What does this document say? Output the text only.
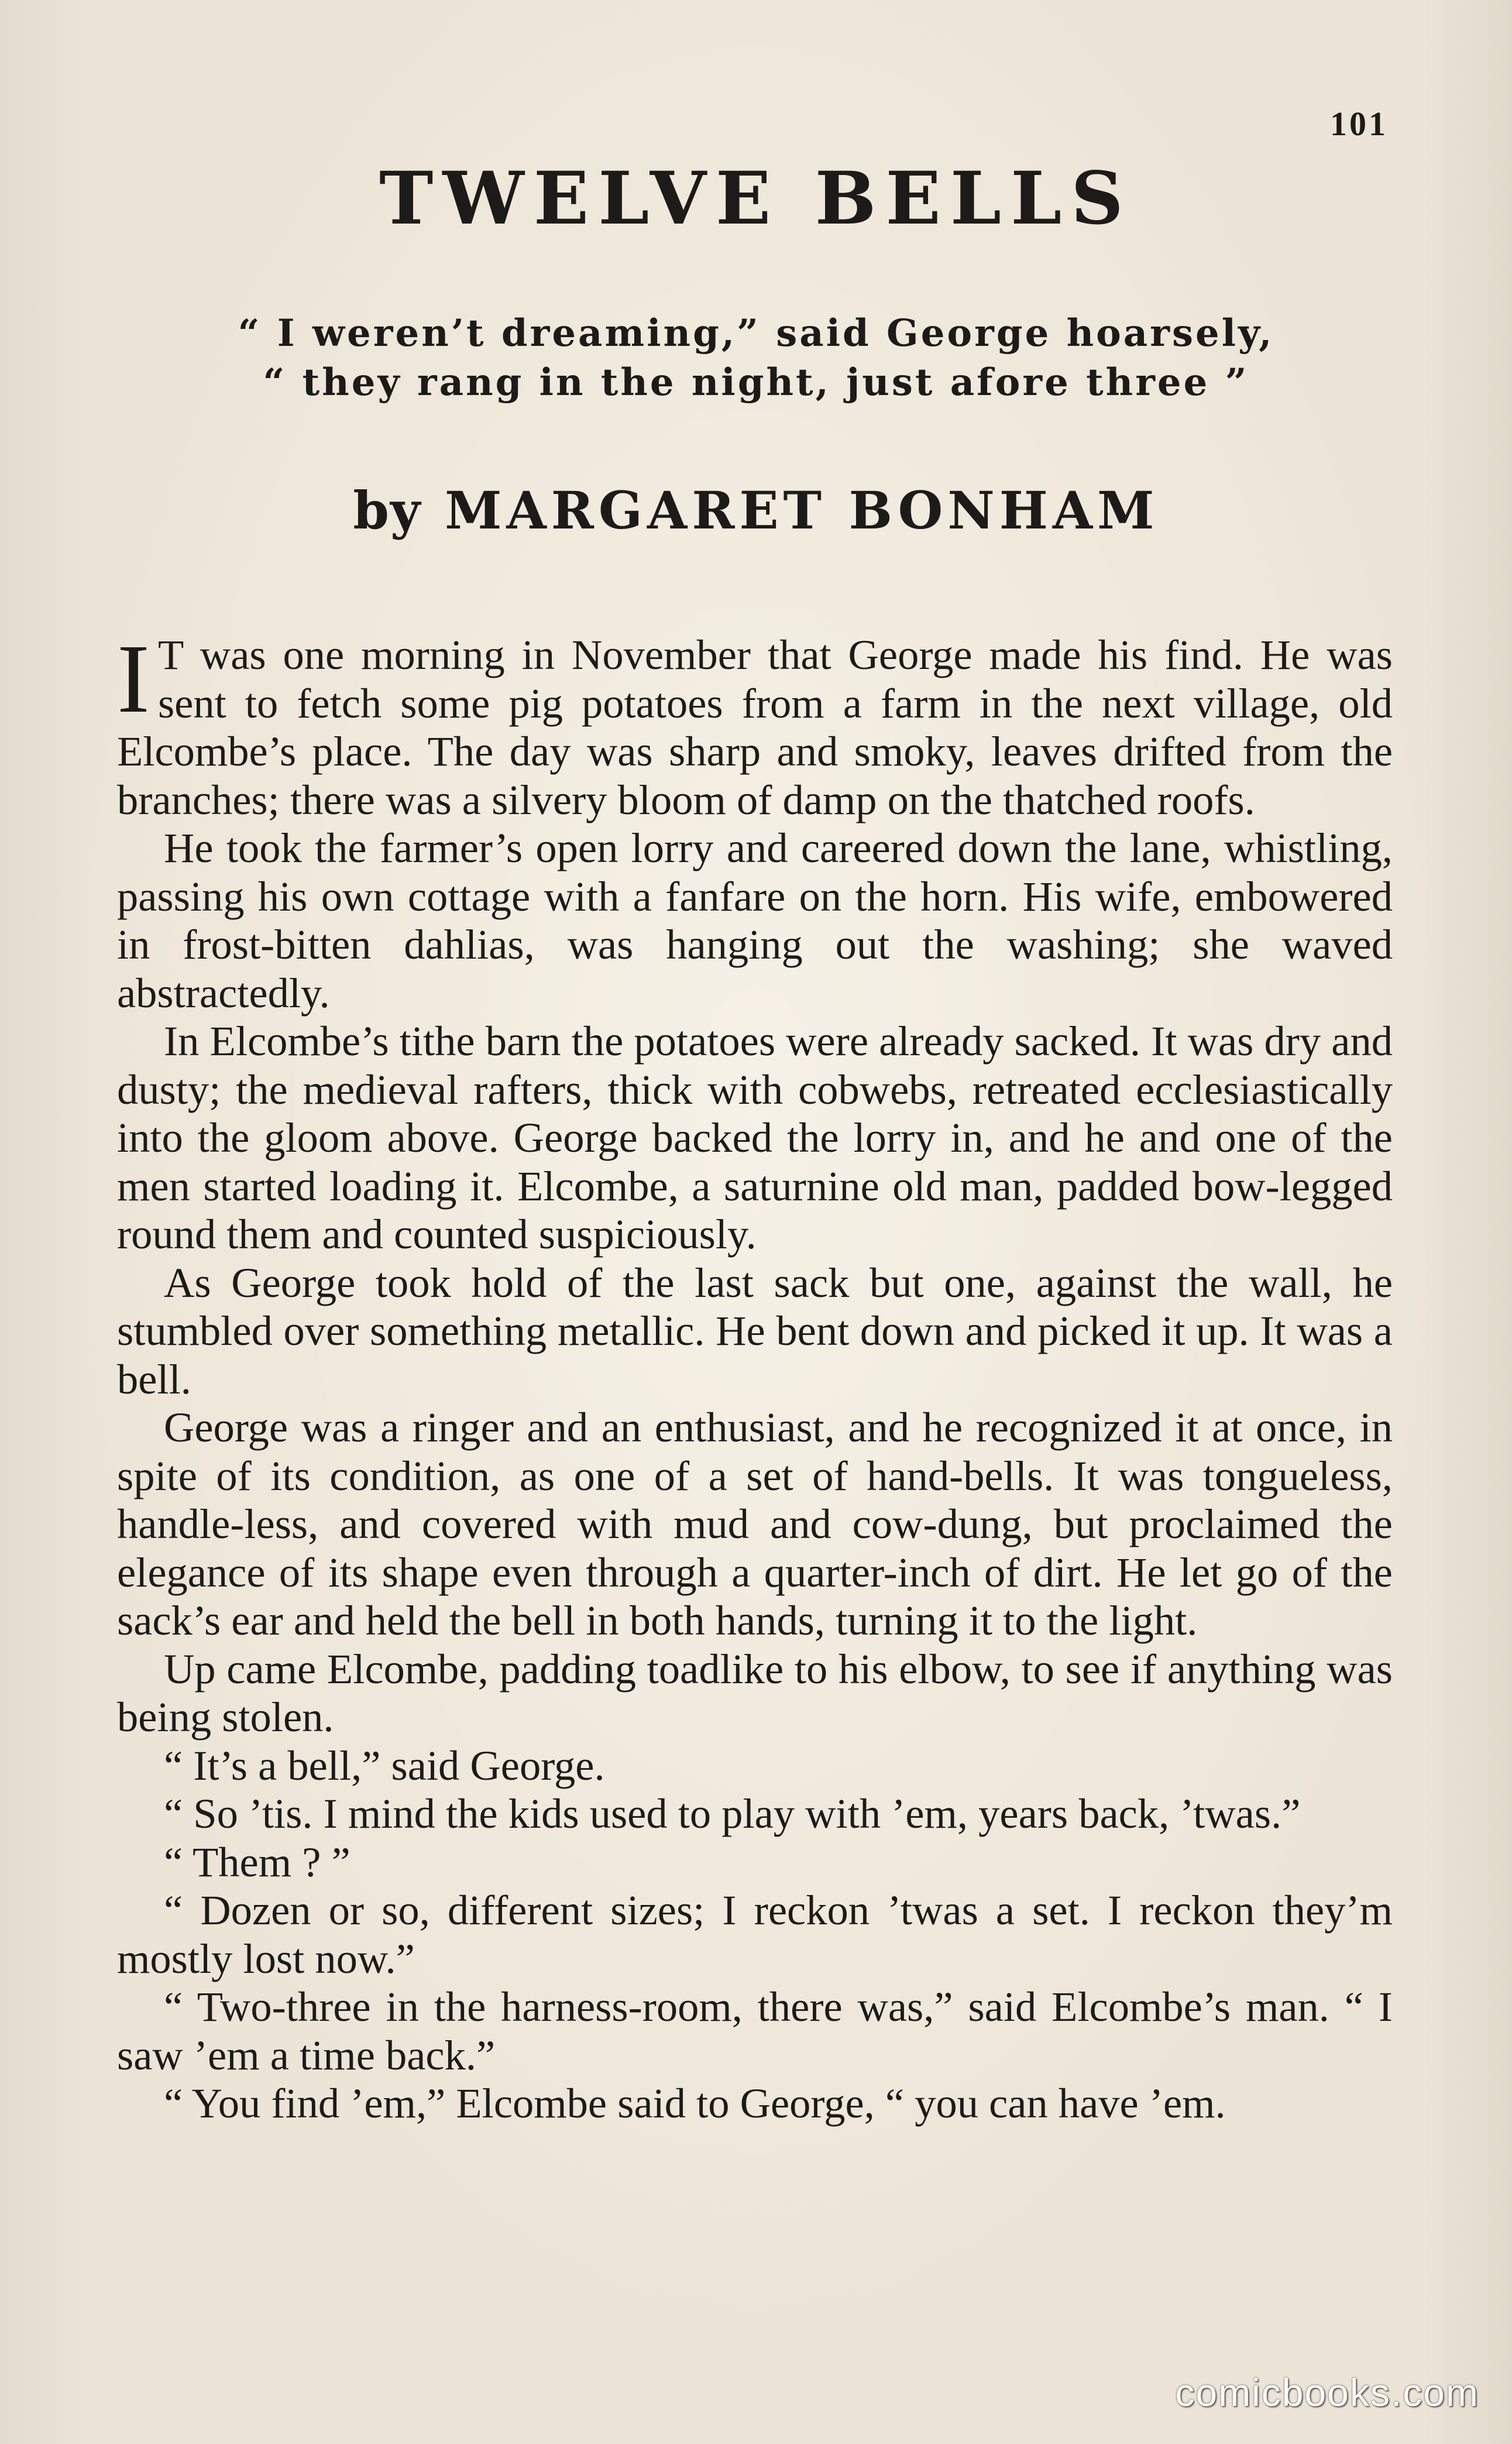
101

TWELVE BELLS
“ I weren’t dreaming,” said George hoarsely,
“ they rang in the night, just afore three ”
by MARGARET BONHAM

I T was one morning in November that George made his find. He was sent to fetch some pig potatoes from a farm in the next village, old Elcombe’s place. The day was sharp and smoky, leaves drifted from the branches; there was a silvery bloom of damp on the thatched roofs.

He took the farmer’s open lorry and careered down the lane, whistling, passing his own cottage with a fanfare on the horn. His wife, embowered in frost-bitten dahlias, was hanging out the washing; she waved abstractedly.

In Elcombe’s tithe barn the potatoes were already sacked. It was dry and dusty; the medieval rafters, thick with cobwebs, retreated ecclesiastically into the gloom above. George backed the lorry in, and he and one of the men started loading it. Elcombe, a saturnine old man, padded bow-legged round them and counted suspiciously.

As George took hold of the last sack but one, against the wall, he stumbled over something metallic. He bent down and picked it up. It was a bell.

George was a ringer and an enthusiast, and he recognized it at once, in spite of its condition, as one of a set of hand-bells. It was tongueless, handle-less, and covered with mud and cow-dung, but proclaimed the elegance of its shape even through a quarter-inch of dirt. He let go of the sack’s ear and held the bell in both hands, turning it to the light.

Up came Elcombe, padding toadlike to his elbow, to see if anything was being stolen.

“ It’s a bell,” said George.

“ So ’tis. I mind the kids used to play with ’em, years back, ’twas.”

“ Them ? ”

“ Dozen or so, different sizes; I reckon ’twas a set. I reckon they’m mostly lost now.”

“ Two-three in the harness-room, there was,” said Elcombe’s man. “ I saw ’em a time back.”

“ You find ’em,” Elcombe said to George, “ you can have ’em.

comicbooks.com
